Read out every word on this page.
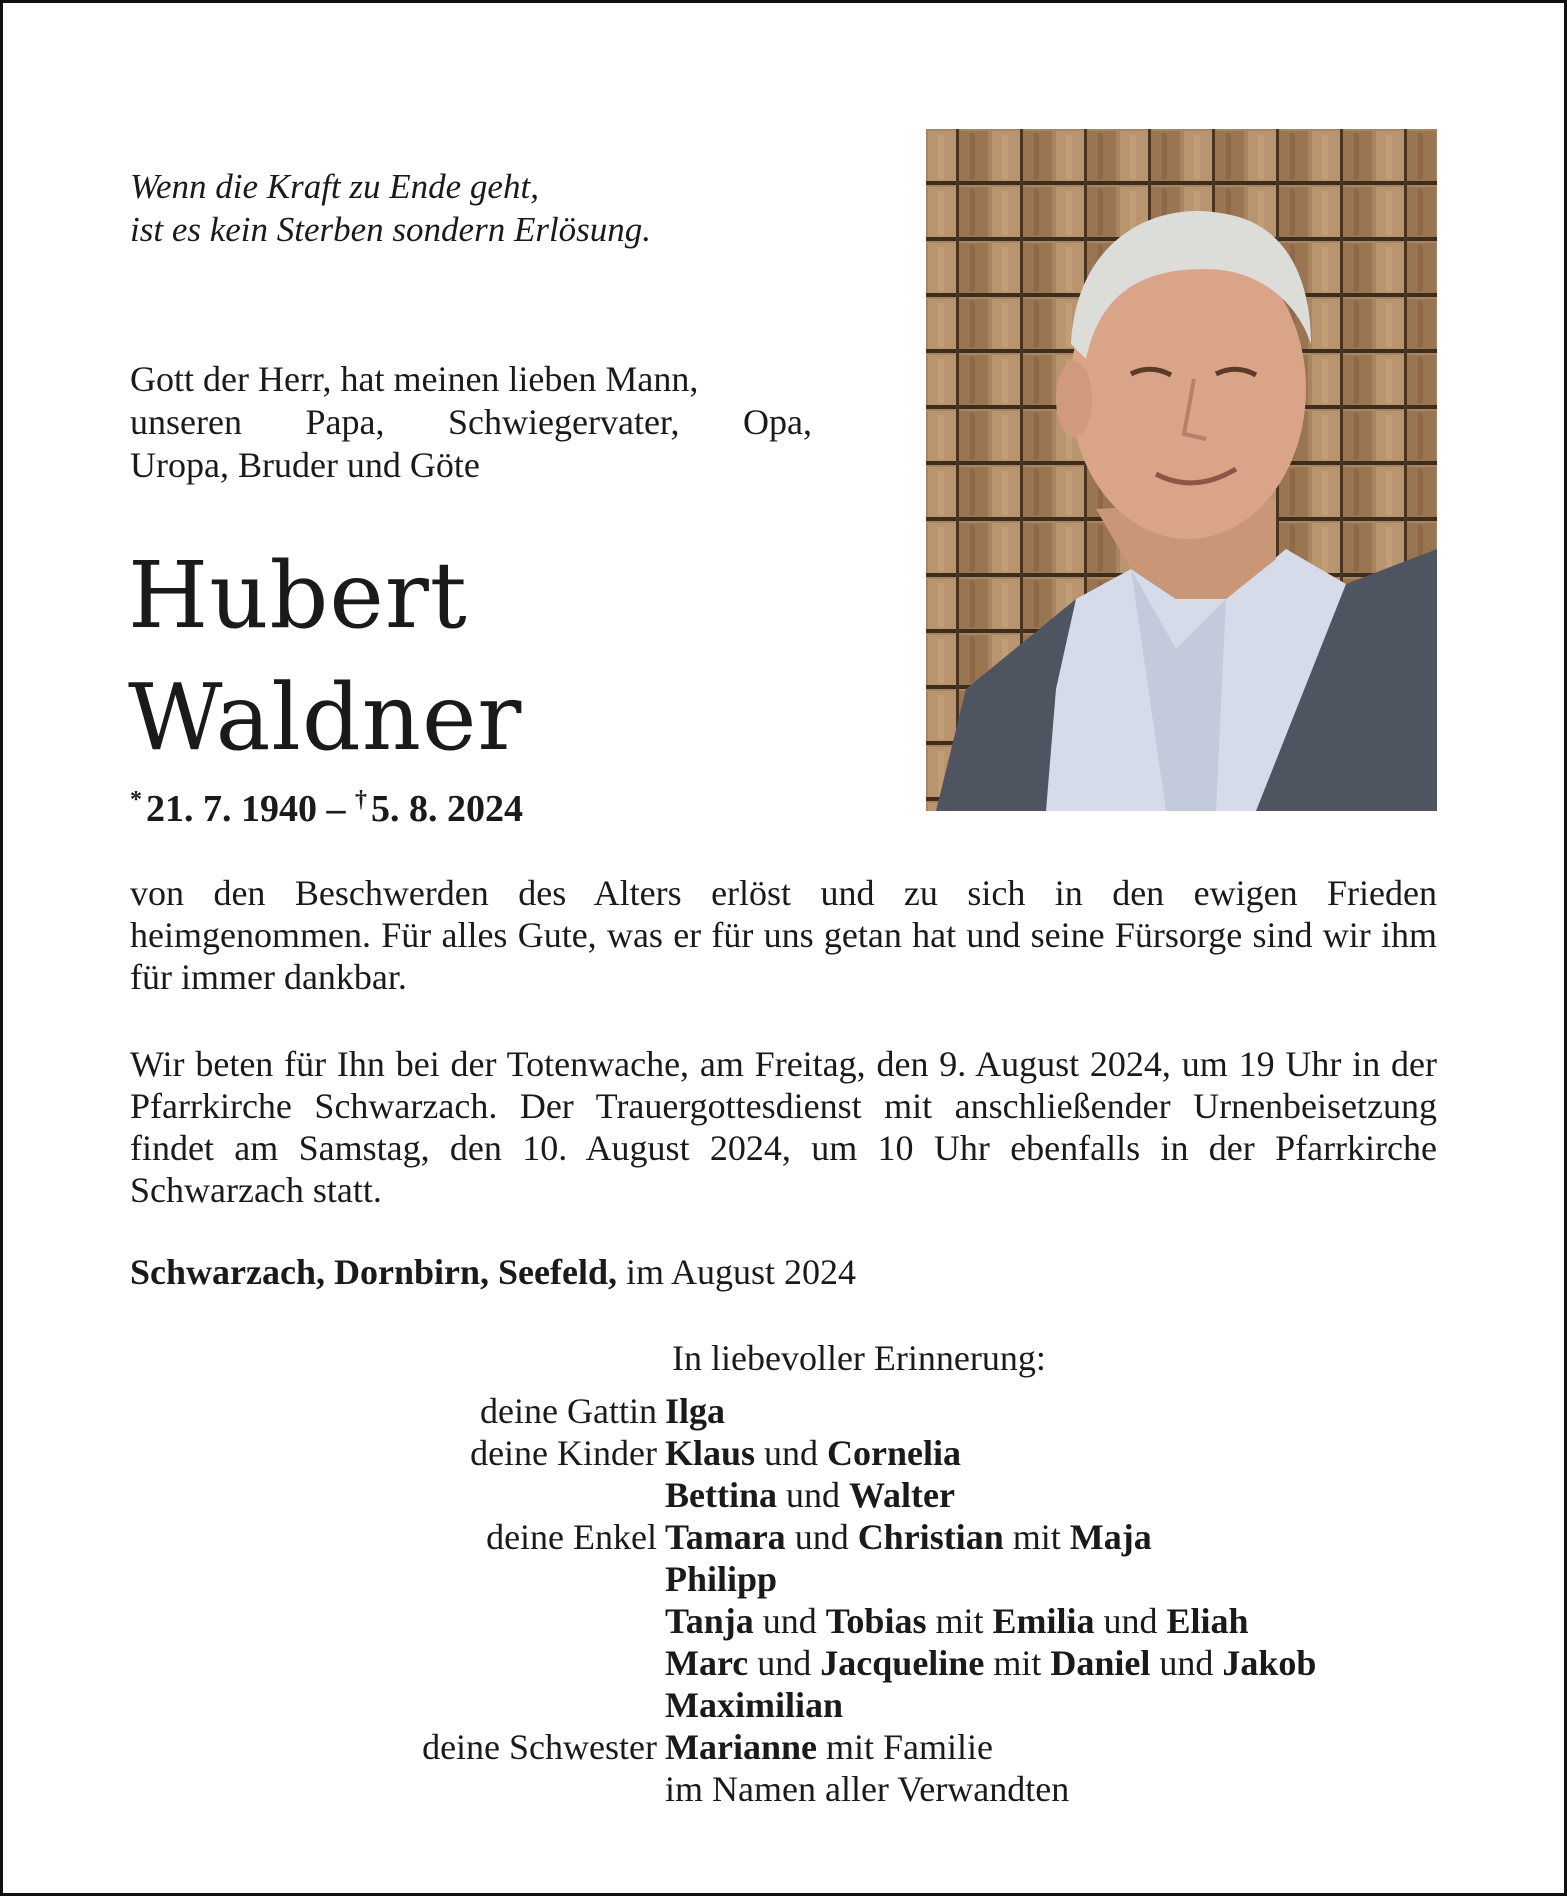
Wenn die Kraft zu Ende geht,
ist es kein Sterben sondern Erlösung.
Gott der Herr, hat meinen lieben Mann,
unseren Papa, Schwiegervater, Opa,
Uropa, Bruder und Göte
Hubert
Waldner
* 21. 7. 1940 – † 5. 8. 2024
von den Beschwerden des Alters erlöst und zu sich in den ewigen Frieden heimgenommen. Für alles Gute, was er für uns getan hat und seine Fürsorge sind wir ihm für immer dankbar.
Wir beten für Ihn bei der Totenwache, am Freitag, den 9. August 2024, um 19 Uhr in der Pfarrkirche Schwarzach. Der Trauergottesdienst mit anschließender Urnenbeisetzung findet am Samstag, den 10. August 2024, um 10 Uhr ebenfalls in der Pfarrkirche Schwarzach statt.
Schwarzach, Dornbirn, Seefeld, im August 2024
In liebevoller Erinnerung:
deine Gattin Ilga
deine Kinder Klaus und Cornelia
Bettina und Walter
deine Enkel Tamara und Christian mit Maja
Philipp
Tanja und Tobias mit Emilia und Eliah
Marc und Jacqueline mit Daniel und Jakob
Maximilian
deine Schwester Marianne mit Familie
im Namen aller Verwandten
